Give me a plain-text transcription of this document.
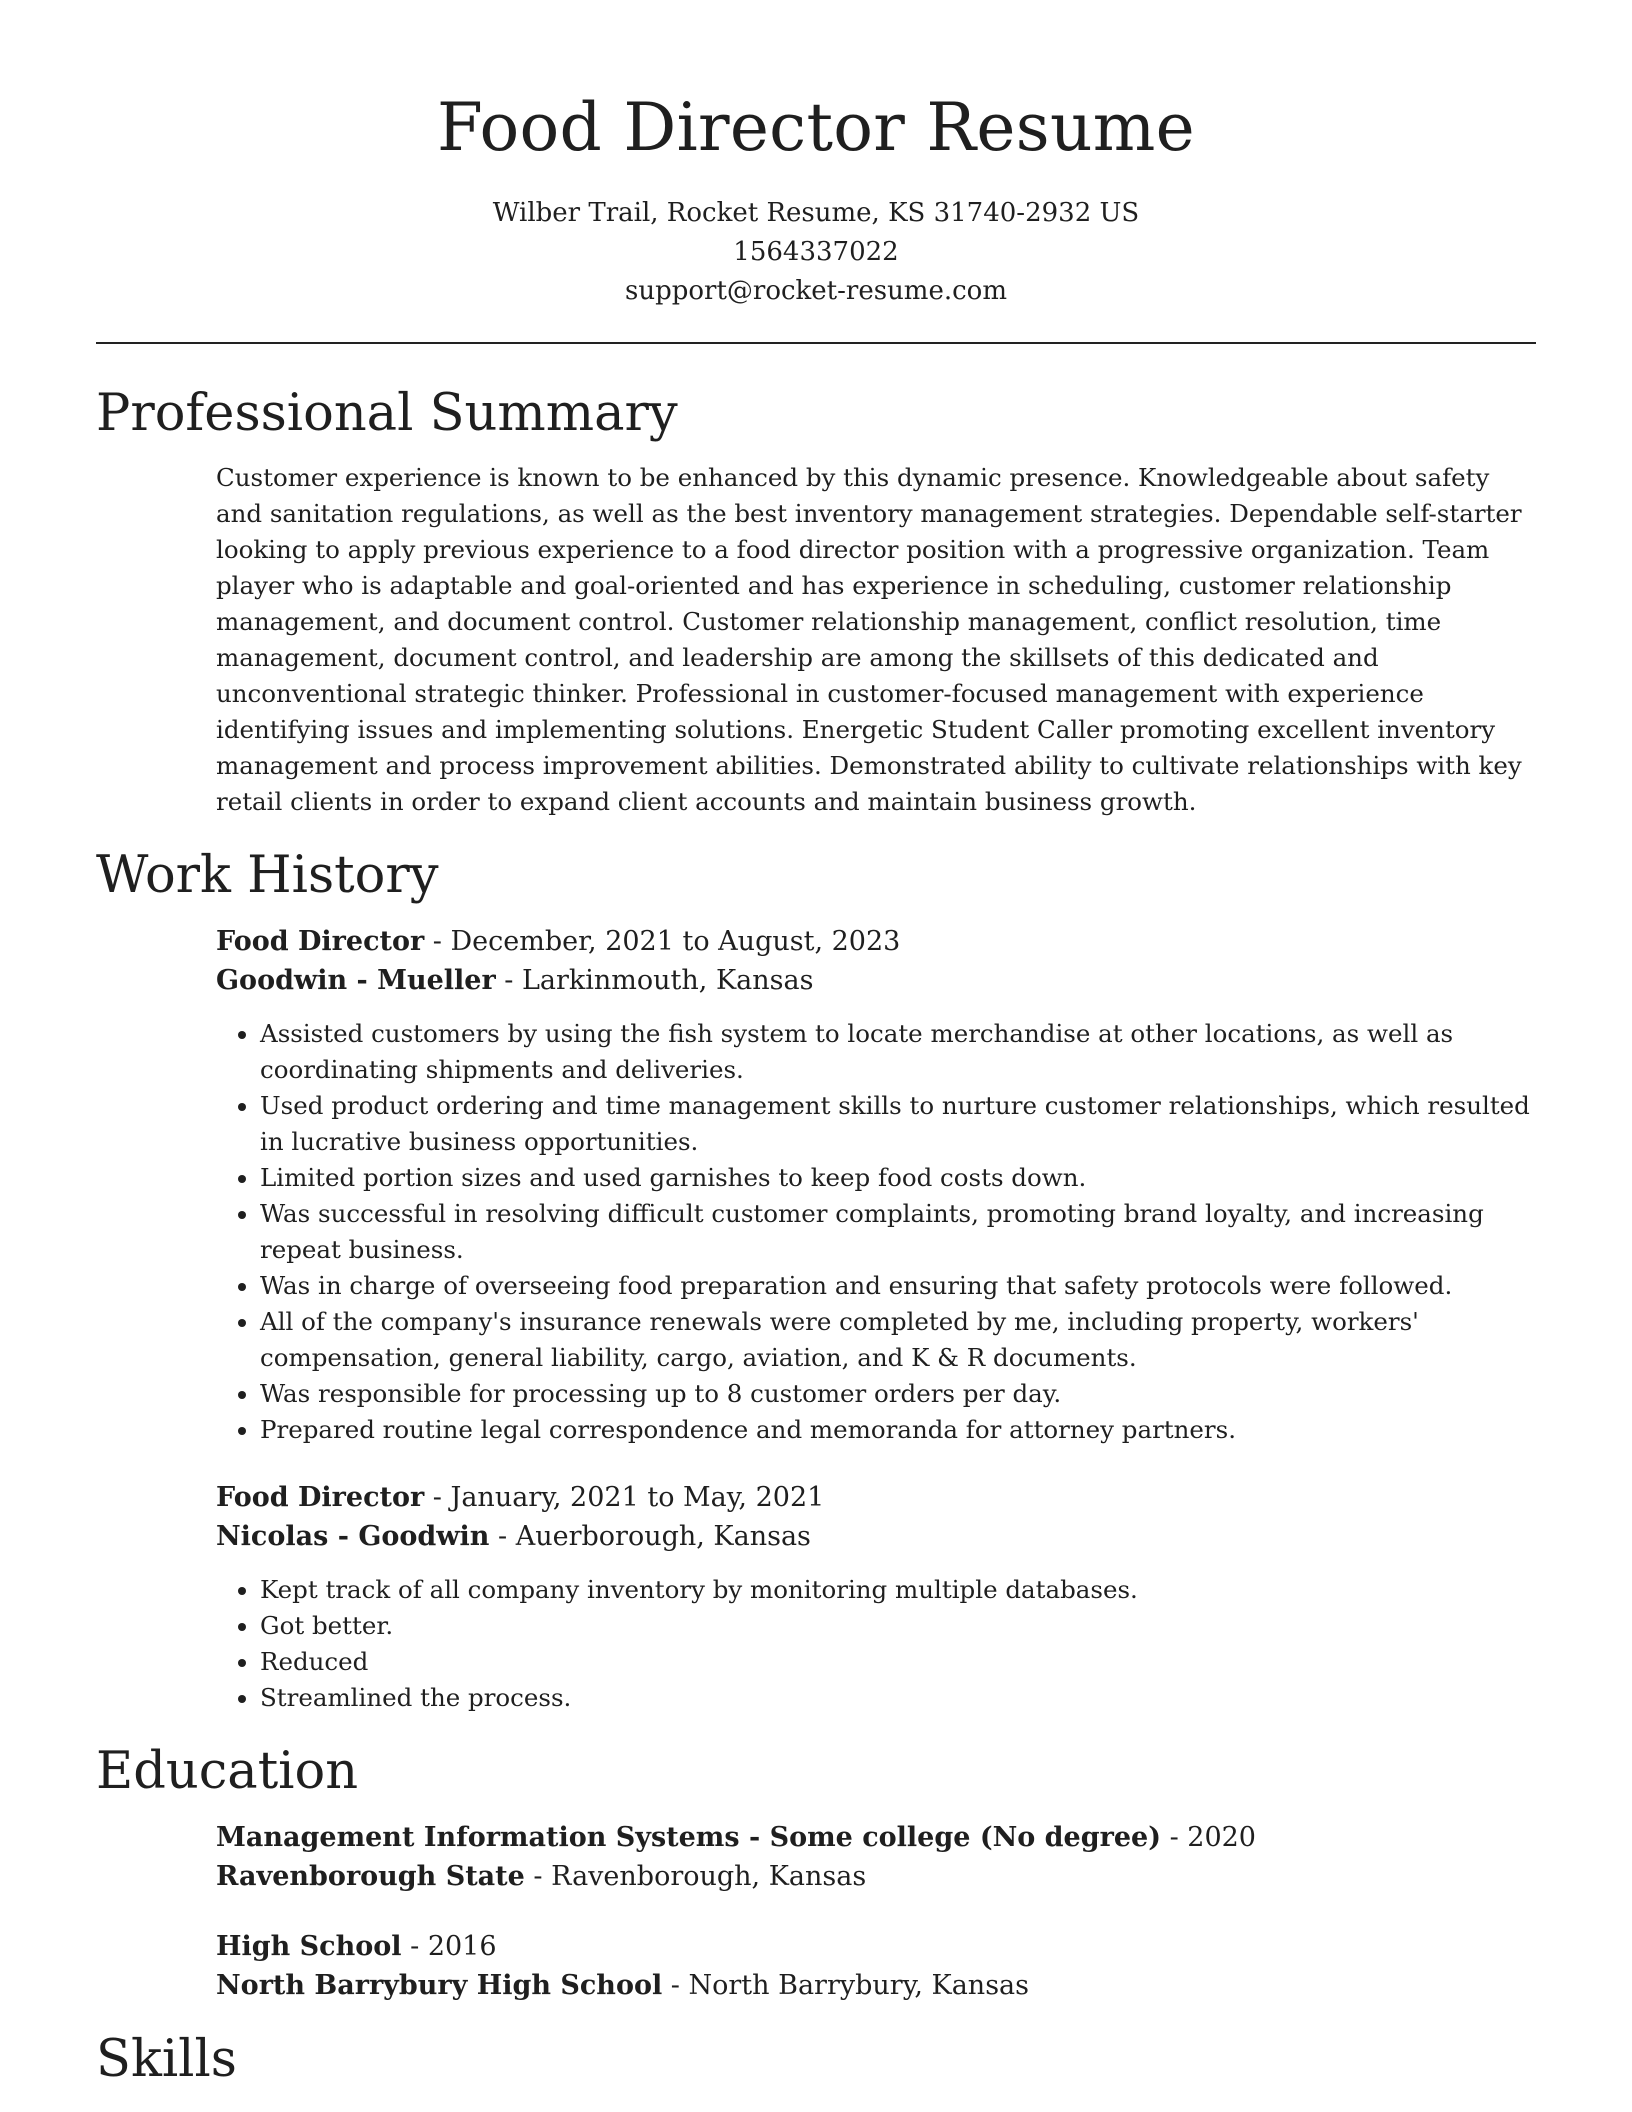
Food Director Resume
Wilber Trail, Rocket Resume, KS 31740-2932 US
1564337022
support@rocket-resume.com
Professional Summary

Customer experience is known to be enhanced by this dynamic presence. Knowledgeable about safety and sanitation regulations, as well as the best inventory management strategies. Dependable self-starter looking to apply previous experience to a food director position with a progressive organization. Team player who is adaptable and goal-oriented and has experience in scheduling, customer relationship management, and document control. Customer relationship management, conflict resolution, time management, document control, and leadership are among the skillsets of this dedicated and unconventional strategic thinker. Professional in customer-focused management with experience identifying issues and implementing solutions. Energetic Student Caller promoting excellent inventory management and process improvement abilities. Demonstrated ability to cultivate relationships with key retail clients in order to expand client accounts and maintain business growth.

Work History
Food Director - December, 2021 to August, 2023
Goodwin - Mueller - Larkinmouth, Kansas
• Assisted customers by using the fish system to locate merchandise at other locations, as well as coordinating shipments and deliveries.
• Used product ordering and time management skills to nurture customer relationships, which resulted in lucrative business opportunities.
• Limited portion sizes and used garnishes to keep food costs down.
• Was successful in resolving difficult customer complaints, promoting brand loyalty, and increasing repeat business.
• Was in charge of overseeing food preparation and ensuring that safety protocols were followed.
• All of the company's insurance renewals were completed by me, including property, workers' compensation, general liability, cargo, aviation, and K & R documents.
• Was responsible for processing up to 8 customer orders per day.
• Prepared routine legal correspondence and memoranda for attorney partners.
Food Director - January, 2021 to May, 2021
Nicolas - Goodwin - Auerborough, Kansas
• Kept track of all company inventory by monitoring multiple databases.
• Got better.
• Reduced
• Streamlined the process.
Education
Management Information Systems - Some college (No degree) - 2020
Ravenborough State - Ravenborough, Kansas
High School - 2016
North Barrybury High School - North Barrybury, Kansas
Skills
